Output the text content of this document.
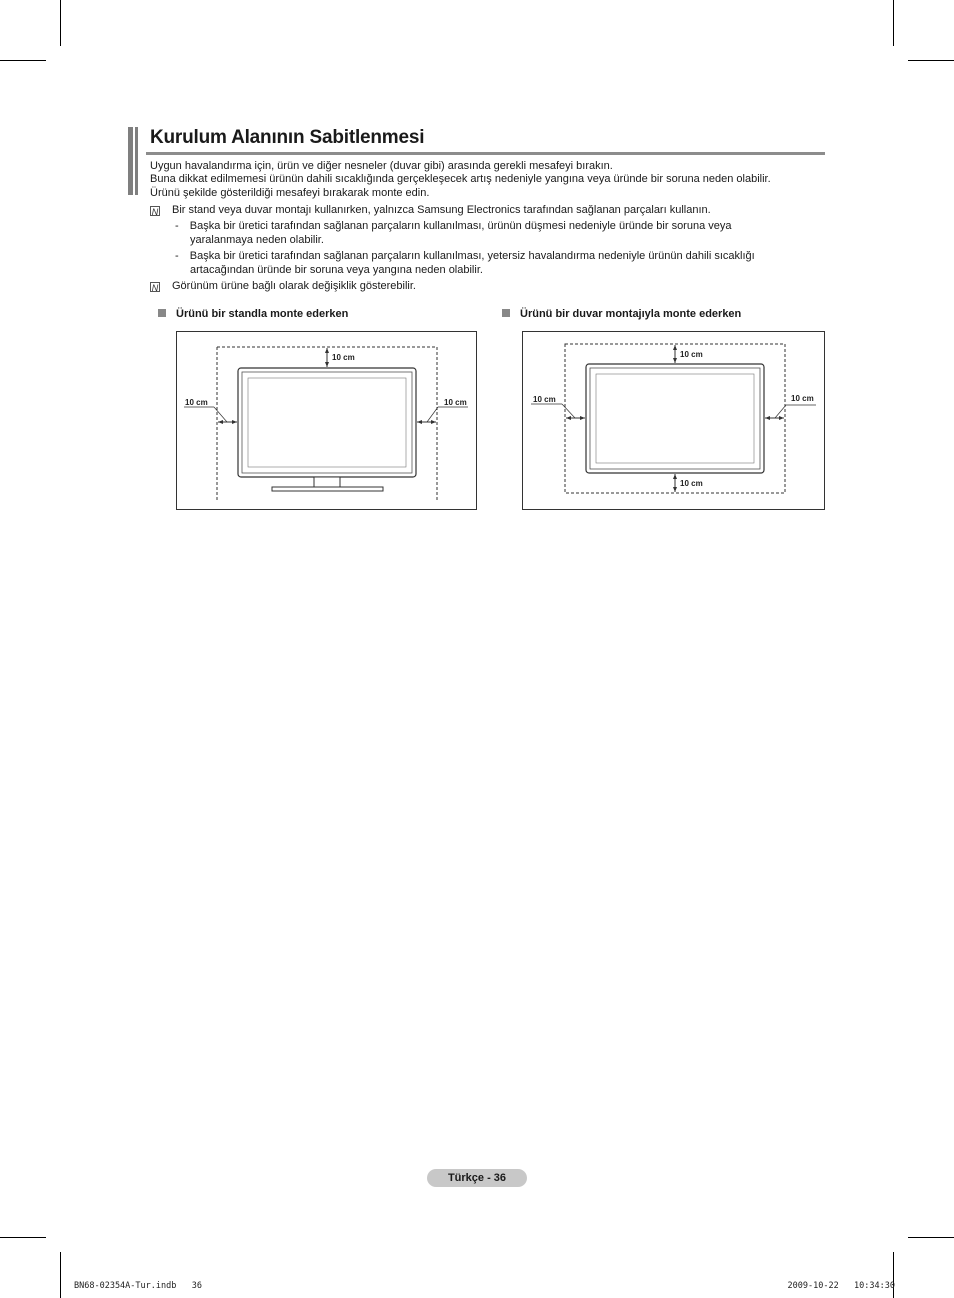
Kurulum Alanının Sabitlenmesi
Uygun havalandırma için, ürün ve diğer nesneler (duvar gibi) arasında gerekli mesafeyi bırakın.
Buna dikkat edilmemesi ürünün dahili sıcaklığında gerçekleşecek artış nedeniyle yangına veya üründe bir soruna neden olabilir.
Ürünü şekilde gösterildiği mesafeyi bırakarak monte edin.
N Bir stand veya duvar montajı kullanırken, yalnızca Samsung Electronics tarafından sağlanan parçaları kullanın.
- Başka bir üretici tarafından sağlanan parçaların kullanılması, ürünün düşmesi nedeniyle üründe bir soruna veya
yaralanmaya neden olabilir.
- Başka bir üretici tarafından sağlanan parçaların kullanılması, yetersiz havalandırma nedeniyle ürünün dahili sıcaklığı
artacağından üründe bir soruna veya yangına neden olabilir.
N Görünüm ürüne bağlı olarak değişiklik gösterebilir.
Ürünü bir standla monte ederken	Ürünü bir duvar montajıyla monte ederken
10 cm
10 cm	10 cm
10 cm
10 cm	10 cm
10 cm
Türkçe - 36
BN68-02354A-Tur.indb   36	2009-10-22   10:34:30
